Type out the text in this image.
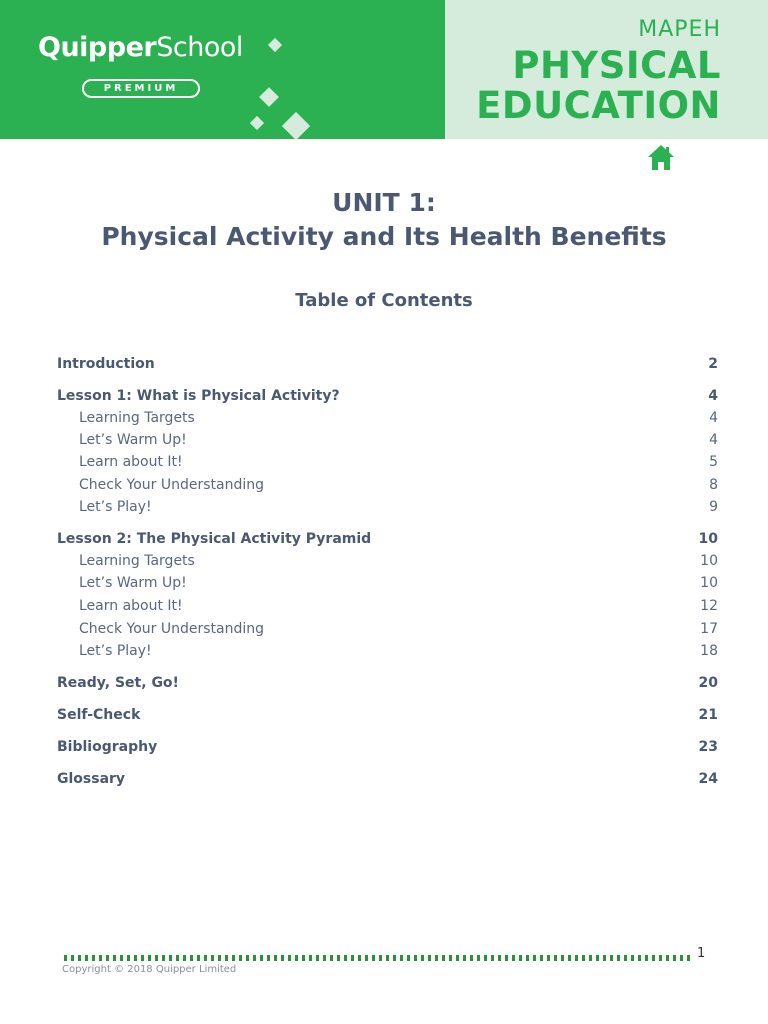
QuipperSchool
PREMIUM
MAPEH
PHYSICAL
EDUCATION
UNIT 1:
Physical Activity and Its Health Benefits
Table of Contents
Introduction	2
Lesson 1: What is Physical Activity?	4
Learning Targets	4
Let’s Warm Up!	4
Learn about It!	5
Check Your Understanding	8
Let’s Play!	9
Lesson 2: The Physical Activity Pyramid	10
Learning Targets	10
Let’s Warm Up!	10
Learn about It!	12
Check Your Understanding	17
Let’s Play!	18
Ready, Set, Go!	20
Self-Check	21
Bibliography	23
Glossary	24
1
Copyright © 2018 Quipper Limited
